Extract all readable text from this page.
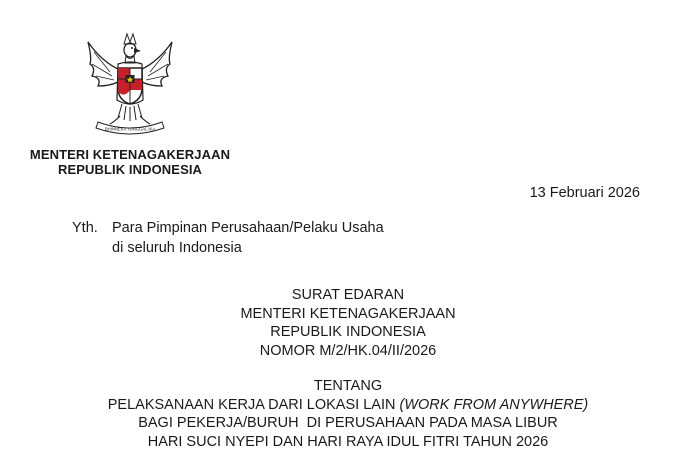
BHINNEKA TUNGGAL IKA
MENTERI KETENAGAKERJAAN
REPUBLIK INDONESIA
13 Februari 2026
Yth. Para Pimpinan Perusahaan/Pelaku Usaha
di seluruh Indonesia
SURAT EDARAN
MENTERI KETENAGAKERJAAN
REPUBLIK INDONESIA
NOMOR M/2/HK.04/II/2026
TENTANG
PELAKSANAAN KERJA DARI LOKASI LAIN (WORK FROM ANYWHERE)
BAGI PEKERJA/BURUH  DI PERUSAHAAN PADA MASA LIBUR
HARI SUCI NYEPI DAN HARI RAYA IDUL FITRI TAHUN 2026
